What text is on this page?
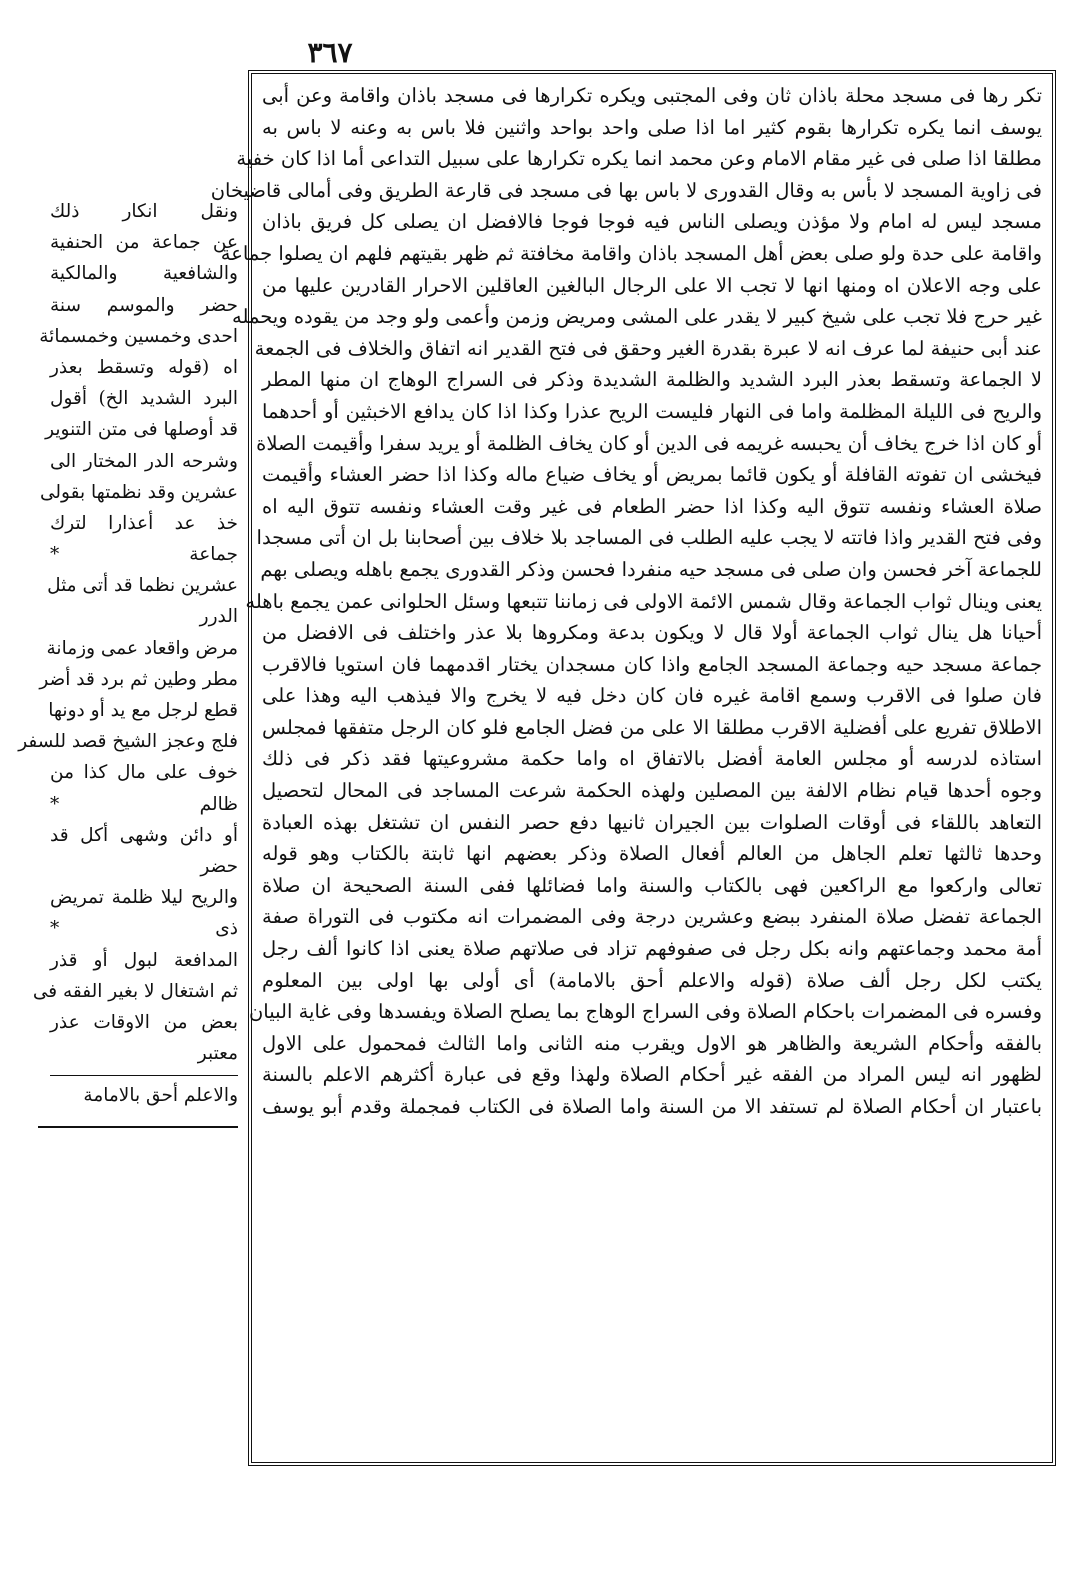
٣٦٧
تكر رها فى مسجد محلة باذان ثان وفى المجتبى ويكره تكرارها فى مسجد باذان واقامة وعن أبى
يوسف انما يكره تكرارها بقوم كثير اما اذا صلى واحد بواحد واثنين فلا باس به وعنه لا باس به
مطلقا اذا صلى فى غير مقام الامام وعن محمد انما يكره تكرارها على سبيل التداعى أما اذا كان خفية
فى زاوية المسجد لا بأس به وقال القدورى لا باس بها فى مسجد فى قارعة الطريق وفى أمالى قاضيخان
مسجد ليس له امام ولا مؤذن ويصلى الناس فيه فوجا فوجا فالافضل ان يصلى كل فريق باذان
واقامة على حدة ولو صلى بعض أهل المسجد باذان واقامة مخافتة ثم ظهر بقيتهم فلهم ان يصلوا جماعة
على وجه الاعلان اه ومنها انها لا تجب الا على الرجال البالغين العاقلين الاحرار القادرين عليها من
غير حرج فلا تجب على شيخ كبير لا يقدر على المشى ومريض وزمن وأعمى ولو وجد من يقوده ويحمله
عند أبى حنيفة لما عرف انه لا عبرة بقدرة الغير وحقق فى فتح القدير انه اتفاق والخلاف فى الجمعة
لا الجماعة وتسقط بعذر البرد الشديد والظلمة الشديدة وذكر فى السراج الوهاج ان منها المطر
والريح فى الليلة المظلمة واما فى النهار فليست الريح عذرا وكذا اذا كان يدافع الاخبثين أو أحدهما
أو كان اذا خرج يخاف أن يحبسه غريمه فى الدين أو كان يخاف الظلمة أو يريد سفرا وأقيمت الصلاة
فيخشى ان تفوته القافلة أو يكون قائما بمريض أو يخاف ضياع ماله وكذا اذا حضر العشاء وأقيمت
صلاة العشاء ونفسه تتوق اليه وكذا اذا حضر الطعام فى غير وقت العشاء ونفسه تتوق اليه اه
وفى فتح القدير واذا فاتته لا يجب عليه الطلب فى المساجد بلا خلاف بين أصحابنا بل ان أتى مسجدا
للجماعة آخر فحسن وان صلى فى مسجد حيه منفردا فحسن وذكر القدورى يجمع باهله ويصلى بهم
يعنى وينال ثواب الجماعة وقال شمس الائمة الاولى فى زماننا تتبعها وسئل الحلوانى عمن يجمع باهله
أحيانا هل ينال ثواب الجماعة أولا قال لا ويكون بدعة ومكروها بلا عذر واختلف فى الافضل من
جماعة مسجد حيه وجماعة المسجد الجامع واذا كان مسجدان يختار اقدمهما فان استويا فالاقرب
فان صلوا فى الاقرب وسمع اقامة غيره فان كان دخل فيه لا يخرج والا فيذهب اليه وهذا على
الاطلاق تفريع على أفضلية الاقرب مطلقا الا على من فضل الجامع فلو كان الرجل متفقها فمجلس
استاذه لدرسه أو مجلس العامة أفضل بالاتفاق اه واما حكمة مشروعيتها فقد ذكر فى ذلك
وجوه أحدها قيام نظام الالفة بين المصلين ولهذه الحكمة شرعت المساجد فى المحال لتحصيل
التعاهد باللقاء فى أوقات الصلوات بين الجيران ثانيها دفع حصر النفس ان تشتغل بهذه العبادة
وحدها ثالثها تعلم الجاهل من العالم أفعال الصلاة وذكر بعضهم انها ثابتة بالكتاب وهو قوله
تعالى واركعوا مع الراكعين فهى بالكتاب والسنة واما فضائلها ففى السنة الصحيحة ان صلاة
الجماعة تفضل صلاة المنفرد ببضع وعشرين درجة وفى المضمرات انه مكتوب فى التوراة صفة
أمة محمد وجماعتهم وانه بكل رجل فى صفوفهم تزاد فى صلاتهم صلاة يعنى اذا كانوا ألف رجل
يكتب لكل رجل ألف صلاة (قوله والاعلم أحق بالامامة) أى أولى بها اولى بين المعلوم
وفسره فى المضمرات باحكام الصلاة وفى السراج الوهاج بما يصلح الصلاة ويفسدها وفى غاية البيان
بالفقه وأحكام الشريعة والظاهر هو الاول ويقرب منه الثانى واما الثالث فمحمول على الاول
لظهور انه ليس المراد من الفقه غير أحكام الصلاة ولهذا وقع فى عبارة أكثرهم الاعلم بالسنة
باعتبار ان أحكام الصلاة لم تستفد الا من السنة واما الصلاة فى الكتاب فمجملة وقدم أبو يوسف
ونقل انكار ذلك
عن جماعة من الحنفية
والشافعية والمالكية
حضر والموسم سنة
احدى وخمسين وخمسمائة
اه (قوله وتسقط بعذر
البرد الشديد الخ) أقول
قد أوصلها فى متن التنوير
وشرحه الدر المختار الى
عشرين وقد نظمتها بقولى
خذ عد أعذارا لترك
جماعة *
عشرين نظما قد أتى مثل
الدرر
مرض واقعاد عمى وزمانة
مطر وطين ثم برد قد أضر
قطع لرجل مع يد أو دونها
فلج وعجز الشيخ قصد للسفر
خوف على مال كذا من
ظالم *
أو دائن وشهى أكل قد
حضر
والريح ليلا ظلمة تمريض
ذى *
المدافعة لبول أو قذر
ثم اشتغال لا بغير الفقه فى
بعض من الاوقات عذر
معتبر
والاعلم أحق بالامامة
